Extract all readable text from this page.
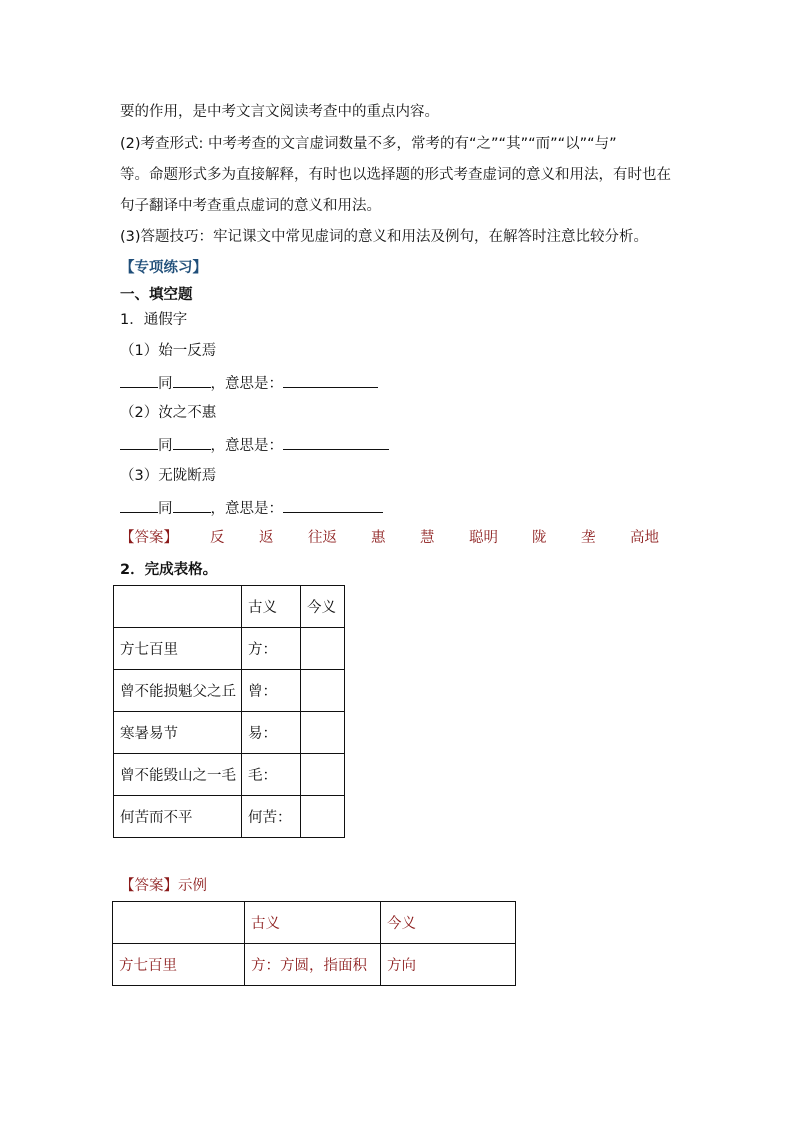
要的作用，是中考文言文阅读考查中的重点内容。
(2)考查形式: 中考考查的文言虚词数量不多，常考的有“之”“其”“而”“以”“与”
等。命题形式多为直接解释，有时也以选择题的形式考查虚词的意义和用法，有时也在
句子翻译中考查重点虚词的意义和用法。
(3)答题技巧：牢记课文中常见虚词的意义和用法及例句，在解答时注意比较分析。
【专项练习】
一、填空题
1．通假字
（1）始一反焉
同	，意思是：
（2）汝之不惠
同	，意思是：
（3）无陇断焉
同	，意思是：
【答案】 反 返 往返 惠 慧 聪明 陇 垄 高地
2．完成表格。
	古义	今义
方七百里	方：	
曾不能损魁父之丘	曾：	
寒暑易节	易：	
曾不能毁山之一毛	毛：	
何苦而不平	何苦：	
【答案】示例
	古义	今义
方七百里	方：方圆，指面积	方向
